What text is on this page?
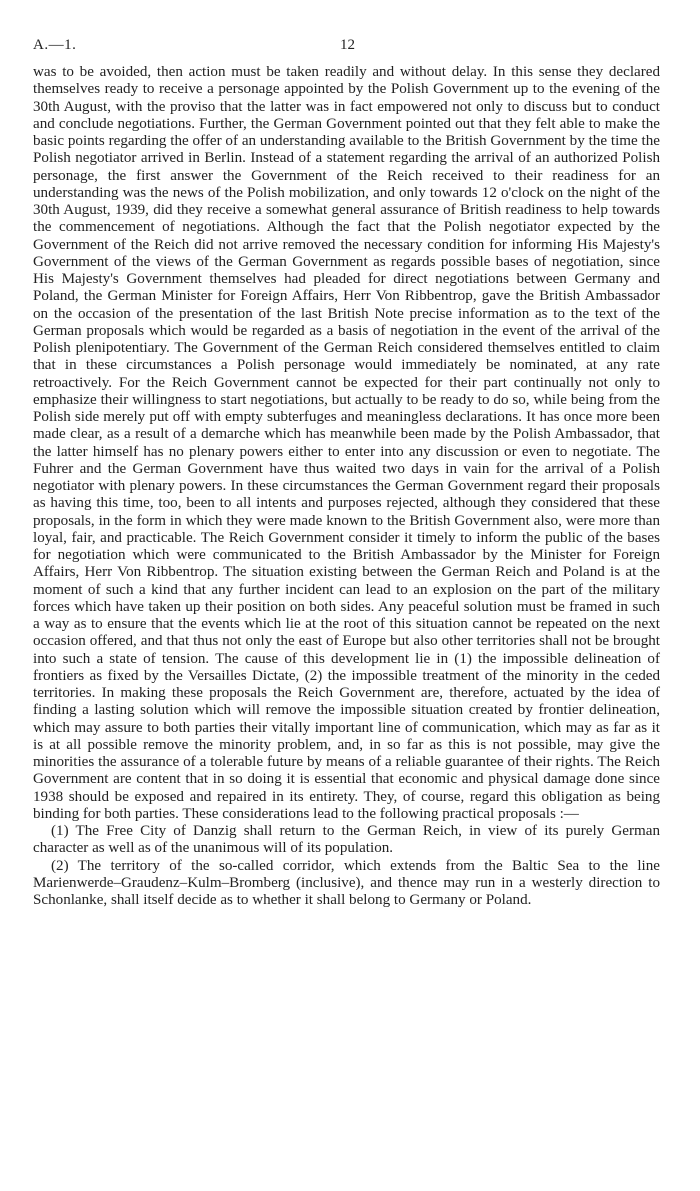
A.—1.	12

was to be avoided, then action must be taken readily and without delay. In this sense they declared themselves ready to receive a personage appointed by the Polish Government up to the evening of the 30th August, with the proviso that the latter was in fact empowered not only to discuss but to conduct and conclude negotiations. Further, the German Government pointed out that they felt able to make the basic points regarding the offer of an understanding available to the British Government by the time the Polish negotiator arrived in Berlin. Instead of a statement regarding the arrival of an authorized Polish personage, the first answer the Government of the Reich received to their readiness for an understanding was the news of the Polish mobilization, and only towards 12 o'clock on the night of the 30th August, 1939, did they receive a somewhat general assurance of British readiness to help towards the commencement of negotiations. Although the fact that the Polish negotiator expected by the Government of the Reich did not arrive removed the necessary condition for informing His Majesty's Government of the views of the German Government as regards possible bases of negotiation, since His Majesty's Government themselves had pleaded for direct negotiations between Germany and Poland, the German Minister for Foreign Affairs, Herr Von Ribbentrop, gave the British Ambassador on the occasion of the presentation of the last British Note precise information as to the text of the German proposals which would be regarded as a basis of negotiation in the event of the arrival of the Polish plenipotentiary. The Government of the German Reich considered themselves entitled to claim that in these circumstances a Polish personage would immediately be nominated, at any rate retroactively. For the Reich Government cannot be expected for their part continually not only to emphasize their willingness to start negotiations, but actually to be ready to do so, while being from the Polish side merely put off with empty subterfuges and meaningless declarations. It has once more been made clear, as a result of a demarche which has meanwhile been made by the Polish Ambassador, that the latter himself has no plenary powers either to enter into any discussion or even to negotiate. The Fuhrer and the German Government have thus waited two days in vain for the arrival of a Polish negotiator with plenary powers. In these circumstances the German Government regard their proposals as having this time, too, been to all intents and purposes rejected, although they considered that these proposals, in the form in which they were made known to the British Government also, were more than loyal, fair, and practicable. The Reich Government consider it timely to inform the public of the bases for negotiation which were communicated to the British Ambassador by the Minister for Foreign Affairs, Herr Von Ribbentrop. The situation existing between the German Reich and Poland is at the moment of such a kind that any further incident can lead to an explosion on the part of the military forces which have taken up their position on both sides. Any peaceful solution must be framed in such a way as to ensure that the events which lie at the root of this situation cannot be repeated on the next occasion offered, and that thus not only the east of Europe but also other territories shall not be brought into such a state of tension. The cause of this development lie in (1) the impossible delineation of frontiers as fixed by the Versailles Dictate, (2) the impossible treatment of the minority in the ceded territories. In making these proposals the Reich Government are, therefore, actuated by the idea of finding a lasting solution which will remove the impossible situation created by frontier delineation, which may assure to both parties their vitally important line of communication, which may as far as it is at all possible remove the minority problem, and, in so far as this is not possible, may give the minorities the assurance of a tolerable future by means of a reliable guarantee of their rights. The Reich Government are content that in so doing it is essential that economic and physical damage done since 1938 should be exposed and repaired in its entirety. They, of course, regard this obligation as being binding for both parties. These considerations lead to the following practical proposals :—

(1) The Free City of Danzig shall return to the German Reich, in view of its purely German character as well as of the unanimous will of its population.

(2) The territory of the so-called corridor, which extends from the Baltic Sea to the line Marienwerde–Graudenz–Kulm–Bromberg (inclusive), and thence may run in a westerly direction to Schonlanke, shall itself decide as to whether it shall belong to Germany or Poland.
